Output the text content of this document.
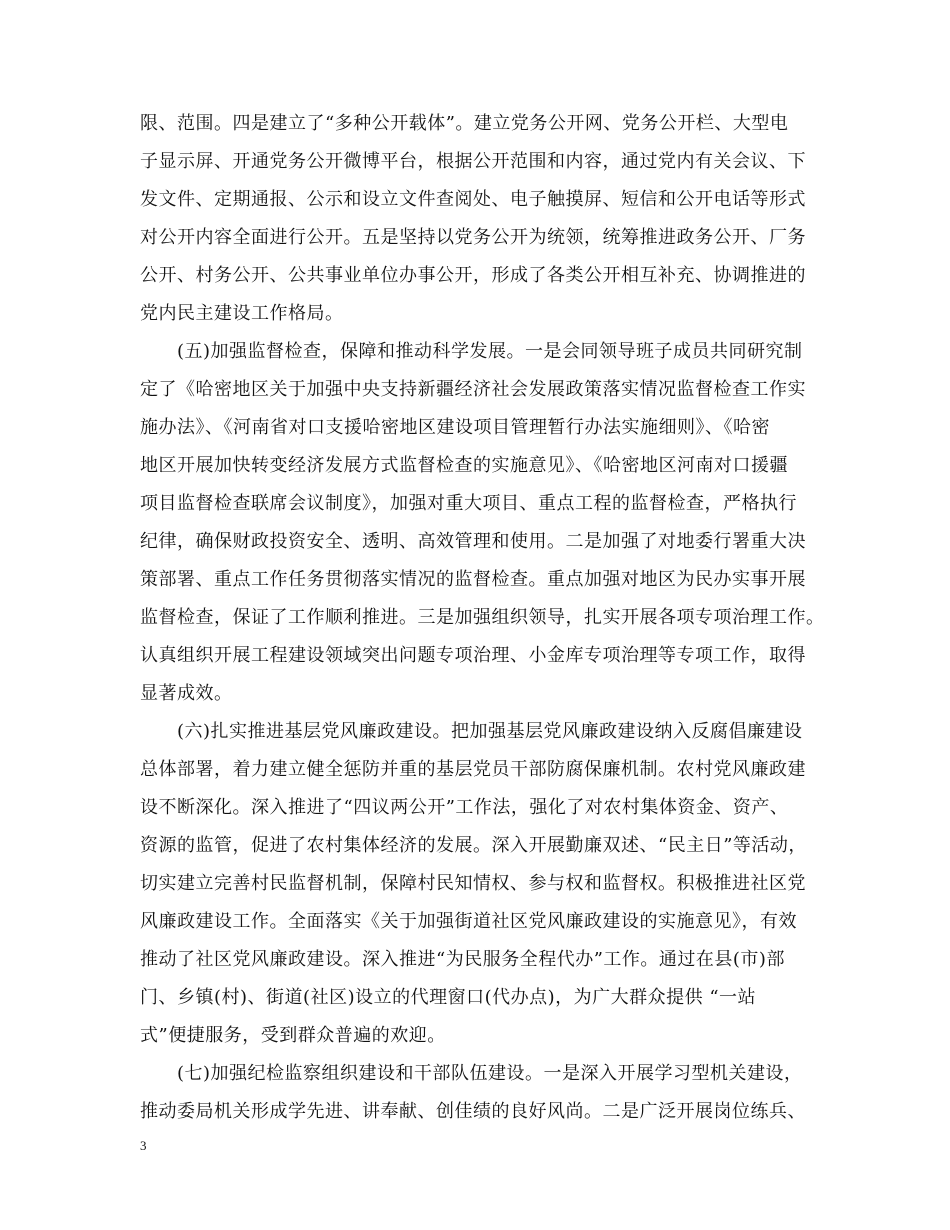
限、范围。四是建立了“多种公开载体”。建立党务公开网、党务公开栏、大型电
子显示屏、开通党务公开微博平台，根据公开范围和内容，通过党内有关会议、下
发文件、定期通报、公示和设立文件查阅处、电子触摸屏、短信和公开电话等形式
对公开内容全面进行公开。五是坚持以党务公开为统领，统筹推进政务公开、厂务
公开、村务公开、公共事业单位办事公开，形成了各类公开相互补充、协调推进的
党内民主建设工作格局。
　　(五)加强监督检查，保障和推动科学发展。一是会同领导班子成员共同研究制
定了《哈密地区关于加强中央支持新疆经济社会发展政策落实情况监督检查工作实
施办法》、《河南省对口支援哈密地区建设项目管理暂行办法实施细则》、《哈密
地区开展加快转变经济发展方式监督检查的实施意见》、《哈密地区河南对口援疆
项目监督检查联席会议制度》，加强对重大项目、重点工程的监督检查，严格执行
纪律，确保财政投资安全、透明、高效管理和使用。二是加强了对地委行署重大决
策部署、重点工作任务贯彻落实情况的监督检查。重点加强对地区为民办实事开展
监督检查，保证了工作顺利推进。三是加强组织领导，扎实开展各项专项治理工作。
认真组织开展工程建设领域突出问题专项治理、小金库专项治理等专项工作，取得
显著成效。
　　(六)扎实推进基层党风廉政建设。把加强基层党风廉政建设纳入反腐倡廉建设
总体部署，着力建立健全惩防并重的基层党员干部防腐保廉机制。农村党风廉政建
设不断深化。深入推进了“四议两公开”工作法，强化了对农村集体资金、资产、
资源的监管，促进了农村集体经济的发展。深入开展勤廉双述、“民主日”等活动，
切实建立完善村民监督机制，保障村民知情权、参与权和监督权。积极推进社区党
风廉政建设工作。全面落实《关于加强街道社区党风廉政建设的实施意见》，有效
推动了社区党风廉政建设。深入推进“为民服务全程代办”工作。通过在县(市)部
门、乡镇(村)、街道(社区)设立的代理窗口(代办点)，为广大群众提供 “一站
式”便捷服务，受到群众普遍的欢迎。
　　(七)加强纪检监察组织建设和干部队伍建设。一是深入开展学习型机关建设，
推动委局机关形成学先进、讲奉献、创佳绩的良好风尚。二是广泛开展岗位练兵、
3
